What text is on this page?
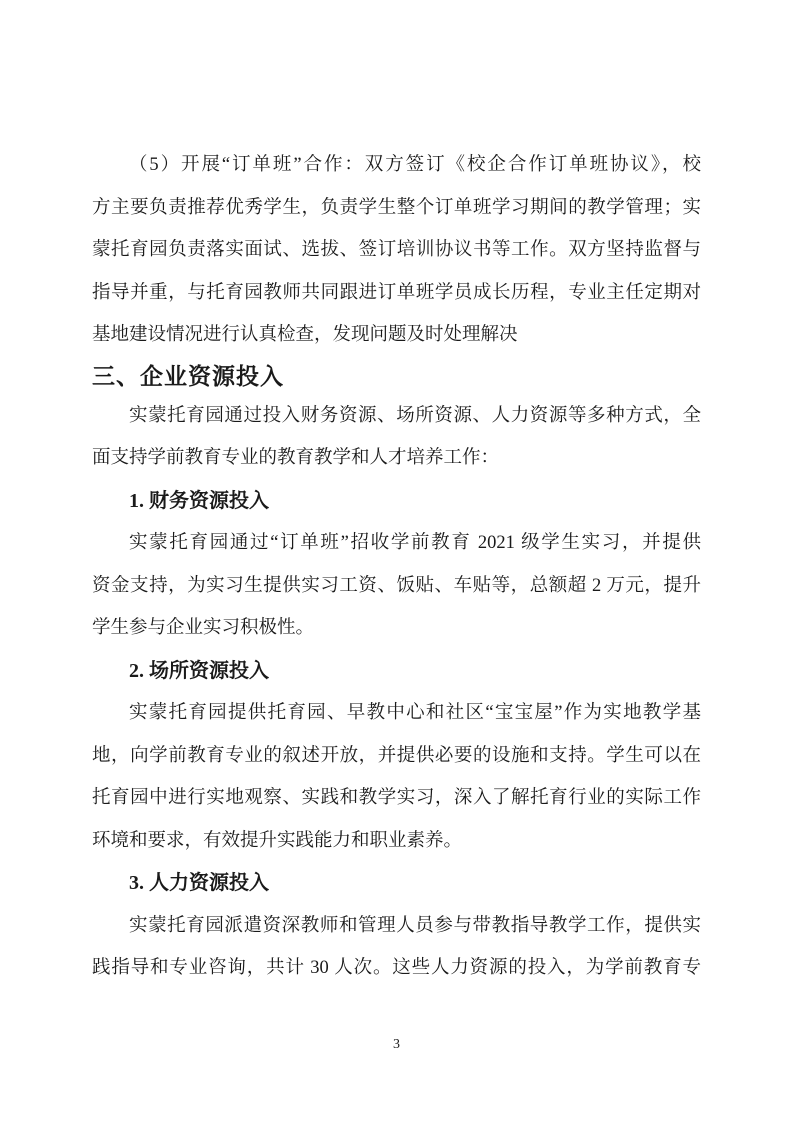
（5）开展“订单班”合作：双方签订《校企合作订单班协议》，校
方主要负责推荐优秀学生，负责学生整个订单班学习期间的教学管理；实
蒙托育园负责落实面试、选拔、签订培训协议书等工作。双方坚持监督与
指导并重，与托育园教师共同跟进订单班学员成长历程，专业主任定期对
基地建设情况进行认真检查，发现问题及时处理解决
三、企业资源投入
实蒙托育园通过投入财务资源、场所资源、人力资源等多种方式，全
面支持学前教育专业的教育教学和人才培养工作：
1. 财务资源投入
实蒙托育园通过“订单班”招收学前教育 2021 级学生实习，并提供
资金支持，为实习生提供实习工资、饭贴、车贴等，总额超 2 万元，提升
学生参与企业实习积极性。
2. 场所资源投入
实蒙托育园提供托育园、早教中心和社区“宝宝屋”作为实地教学基
地，向学前教育专业的叙述开放，并提供必要的设施和支持。学生可以在
托育园中进行实地观察、实践和教学实习，深入了解托育行业的实际工作
环境和要求，有效提升实践能力和职业素养。
3. 人力资源投入
实蒙托育园派遣资深教师和管理人员参与带教指导教学工作，提供实
践指导和专业咨询，共计 30 人次。这些人力资源的投入，为学前教育专
3
